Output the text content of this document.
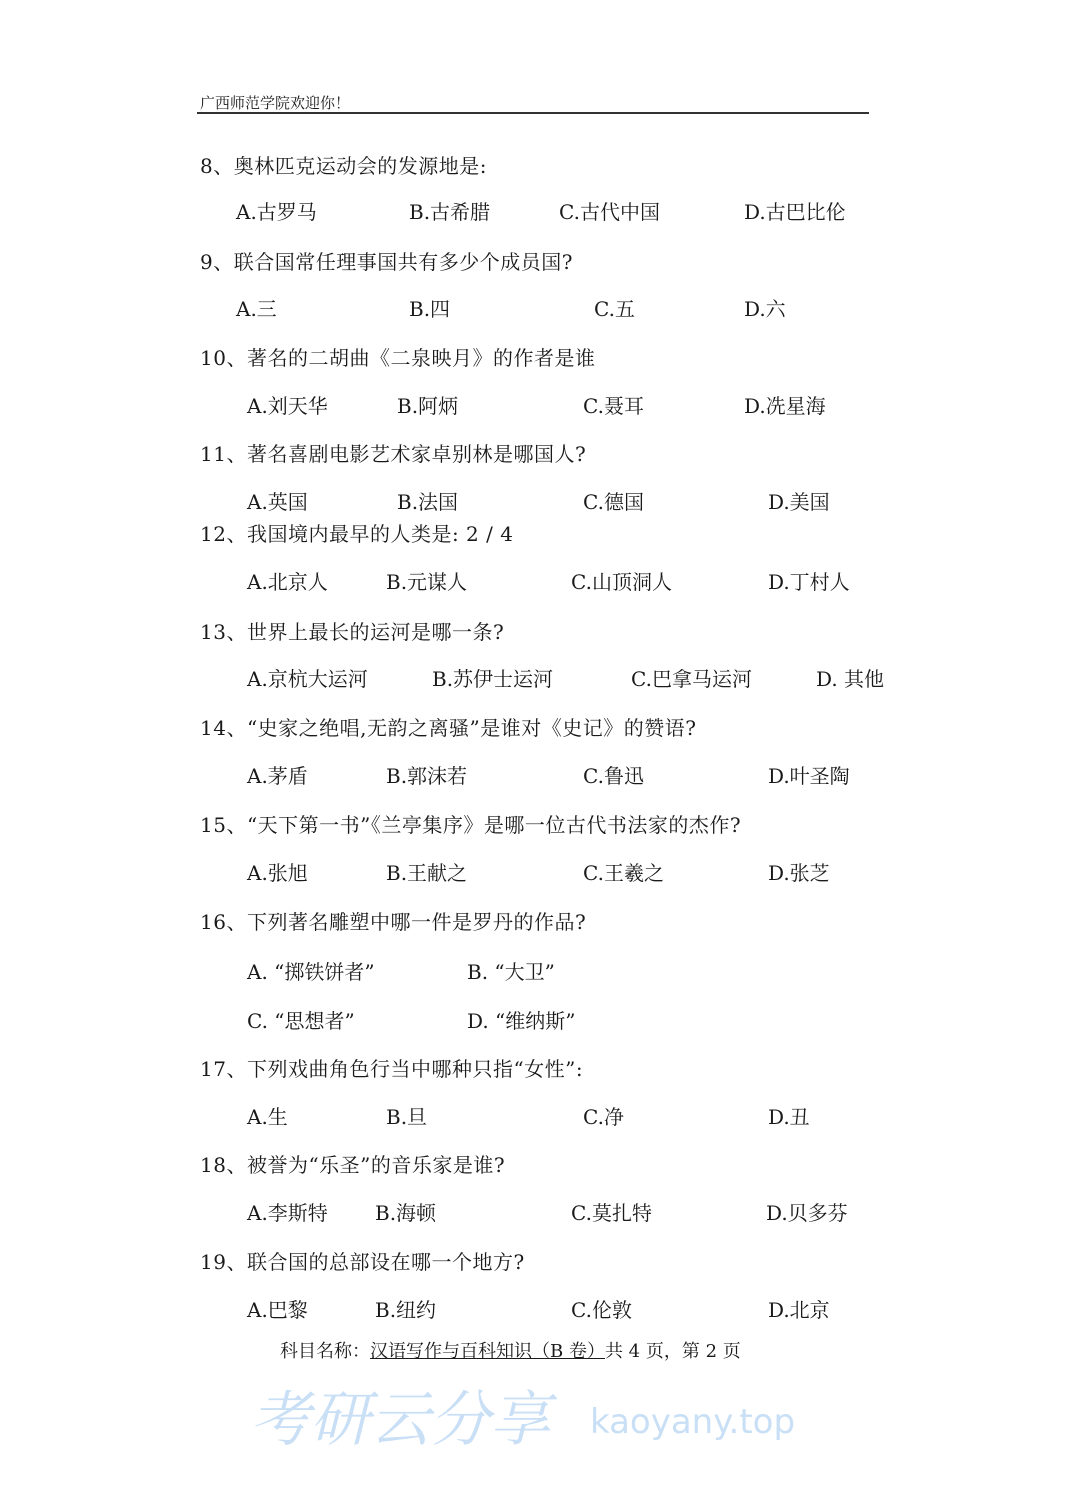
广西师范学院欢迎你！
8、奥林匹克运动会的发源地是:
A.古罗马	B.古希腊	C.古代中国	D.古巴比伦
9、联合国常任理事国共有多少个成员国?
A.三	B.四	C.五	D.六
10、著名的二胡曲《二泉映月》的作者是谁
A.刘天华	B.阿炳	C.聂耳	D.冼星海
11、著名喜剧电影艺术家卓别林是哪国人?
A.英国	B.法国	C.德国	D.美国
12、我国境内最早的人类是: 2 / 4
A.北京人	B.元谋人	C.山顶洞人	D.丁村人
13、世界上最长的运河是哪一条?
A.京杭大运河	B.苏伊士运河	C.巴拿马运河	D. 其他
14、“史家之绝唱,无韵之离骚”是谁对《史记》的赞语?
A.茅盾	B.郭沫若	C.鲁迅	D.叶圣陶
15、“天下第一书”《兰亭集序》是哪一位古代书法家的杰作?
A.张旭	B.王献之	C.王羲之	D.张芝
16、下列著名雕塑中哪一件是罗丹的作品?
A. “掷铁饼者”	B. “大卫”
C. “思想者”	D. “维纳斯”
17、下列戏曲角色行当中哪种只指“女性”:
A.生	B.旦	C.净	D.丑
18、被誉为“乐圣”的音乐家是谁?
A.李斯特 B.海顿	C.莫扎特	D.贝多芬
19、联合国的总部设在哪一个地方?
A.巴黎	B.纽约	C.伦敦	D.北京
科目名称：汉语写作与百科知识（B 卷）共 4 页，第 2 页
考研云分享 kaoyany.top
